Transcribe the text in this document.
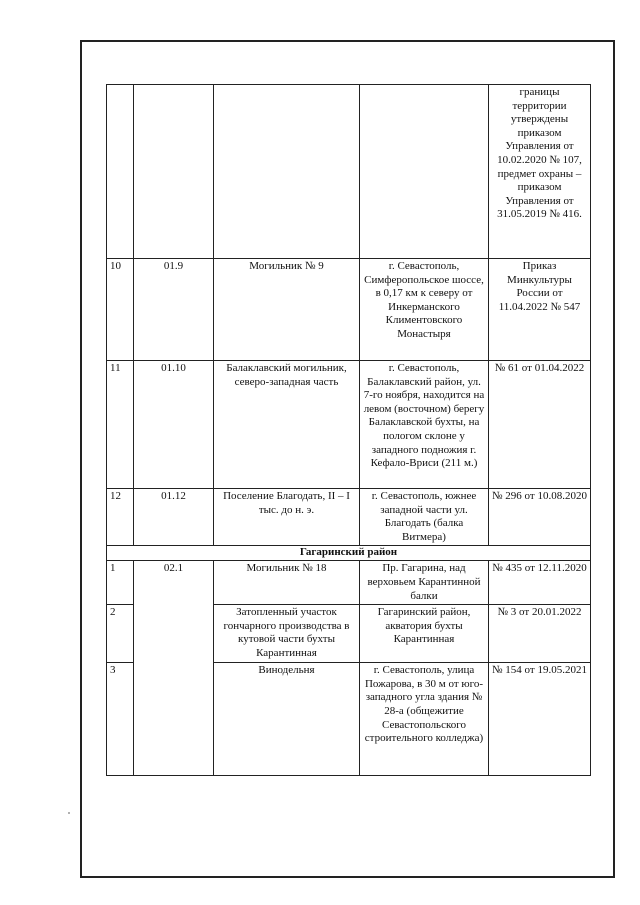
				границы территории утверждены приказом Управления от 10.02.2020 № 107, предмет охраны – приказом Управления от 31.05.2019 № 416.
10	01.9	Могильник № 9	г. Севастополь, Симферопольское шоссе, в 0,17 км к северу от Инкерманского Климентовского Монастыря	Приказ Минкультуры России от 11.04.2022 № 547
11	01.10	Балаклавский могильник, северо-западная часть	г. Севастополь, Балаклавский район, ул. 7-го ноября, находится на левом (восточном) берегу Балаклавской бухты, на пологом склоне у западного подножия г. Кефало-Вриси (211 м.)	№ 61 от 01.04.2022
12	01.12	Поселение Благодать, II – I тыс. до н. э.	г. Севастополь, южнее западной части ул. Благодать (балка Витмера)	№ 296 от 10.08.2020
Гагаринский район				
1	02.1	Могильник № 18	Пр. Гагарина, над верховьем Карантинной балки	№ 435 от 12.11.2020
2		Затопленный участок гончарного производства в кутовой части бухты Карантинная	Гагаринский район, акватория бухты Карантинная	№ 3 от 20.01.2022
3		Винодельня	г. Севастополь, улица Пожарова, в 30 м от юго-западного угла здания № 28-а (общежитие Севастопольского строительного колледжа)	№ 154 от 19.05.2021
